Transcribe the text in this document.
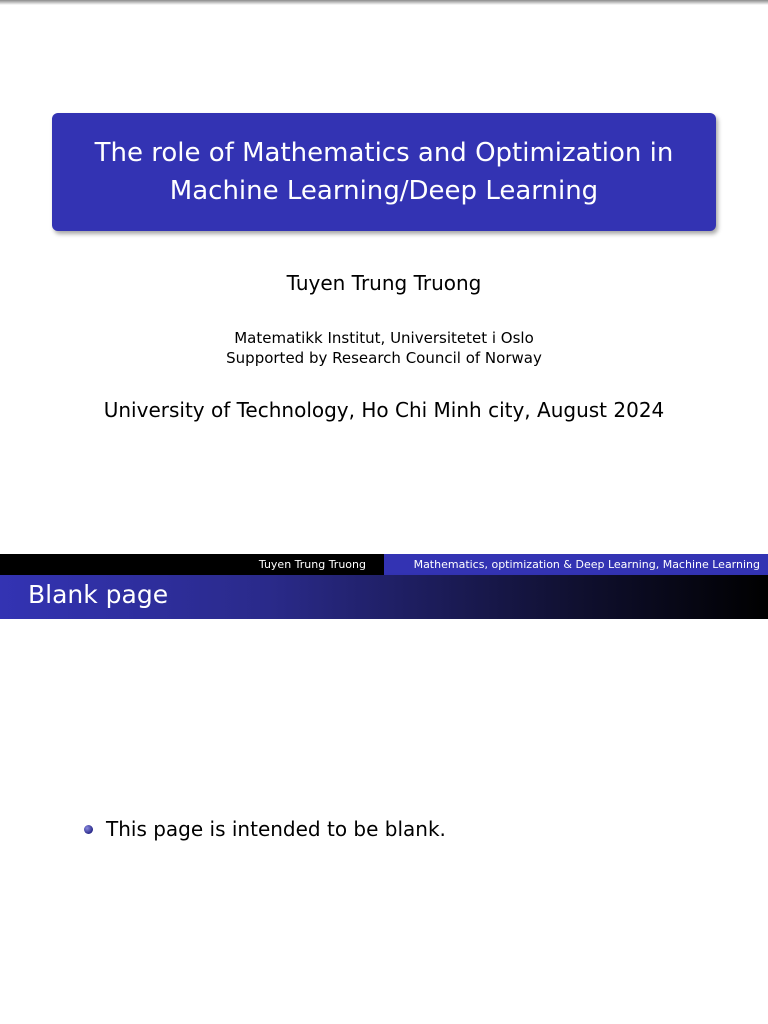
The role of Mathematics and Optimization in Machine Learning/Deep Learning
Tuyen Trung Truong
Matematikk Institut, Universitetet i Oslo
Supported by Research Council of Norway
University of Technology, Ho Chi Minh city, August 2024
Tuyen Trung Truong	Mathematics, optimization & Deep Learning, Machine Learning
Blank page
This page is intended to be blank.
